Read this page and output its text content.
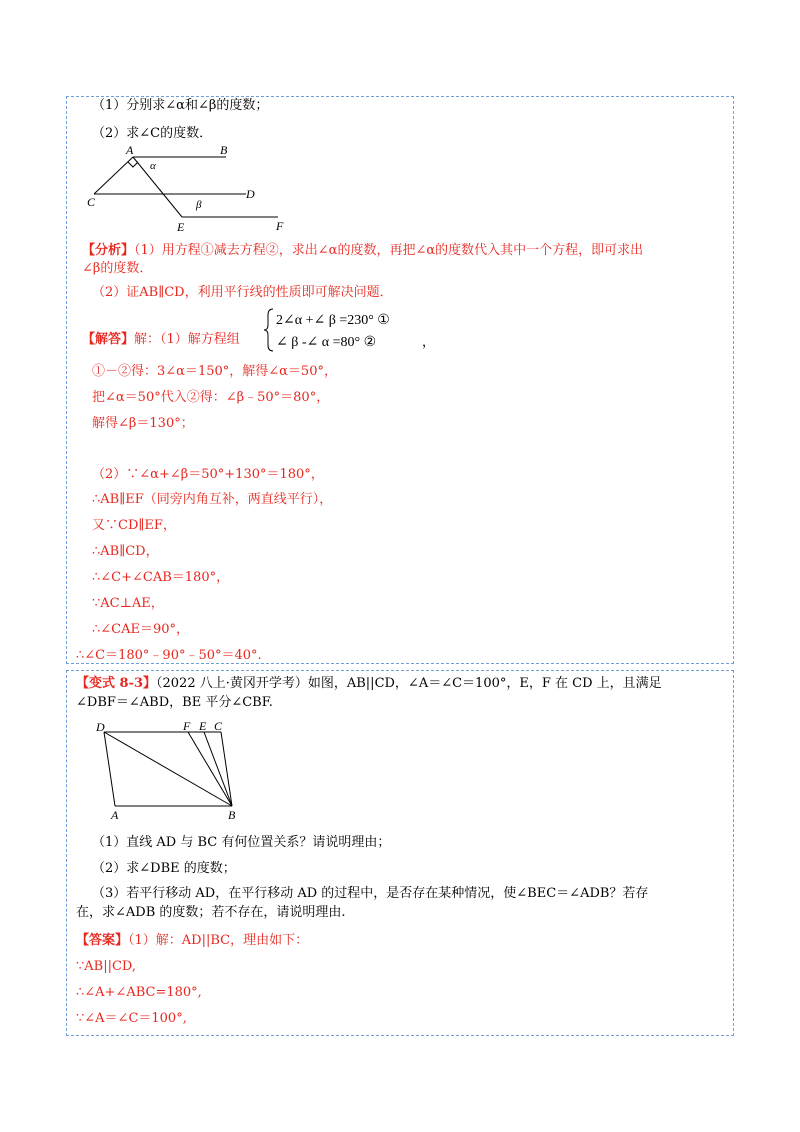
（1）分别求∠α和∠β的度数；
（2）求∠C的度数．
A	B
α
C
D
β
E	F
【分析】（1）用方程①减去方程②，求出∠α的度数，再把∠α的度数代入其中一个方程，即可求出
∠β的度数．
（2）证AB∥CD，利用平行线的性质即可解决问题．
【解答】解：（1）解方程组
2∠α +∠ β =230° ①
∠ β -∠ α =80° ②	，
①－②得：3∠α＝150°，解得∠α＝50°，
把∠α＝50°代入②得：∠β﹣50°＝80°，
解得∠β＝130°；
（2）∵∠α+∠β＝50°+130°＝180°，
∴AB∥EF（同旁内角互补，两直线平行），
又∵CD∥EF，
∴AB∥CD，
∴∠C+∠CAB＝180°，
∵AC⊥AE，
∴∠CAE＝90°，
∴∠C＝180°﹣90°﹣50°＝40°.
【变式 8-3】（2022 八上·黄冈开学考）如图，AB||CD，∠A＝∠C＝100°，E，F 在 CD 上，且满足
∠DBF＝∠ABD，BE 平分∠CBF.
D	F E C
A	B
（1）直线 AD 与 BC 有何位置关系？请说明理由；
（2）求∠DBE 的度数；
（3）若平行移动 AD，在平行移动 AD 的过程中，是否存在某种情况，使∠BEC＝∠ADB？若存
在，求∠ADB 的度数；若不存在，请说明理由.
【答案】（1）解：AD||BC，理由如下：
∵AB||CD,
∴∠A+∠ABC=180°,
∵∠A＝∠C＝100°,
